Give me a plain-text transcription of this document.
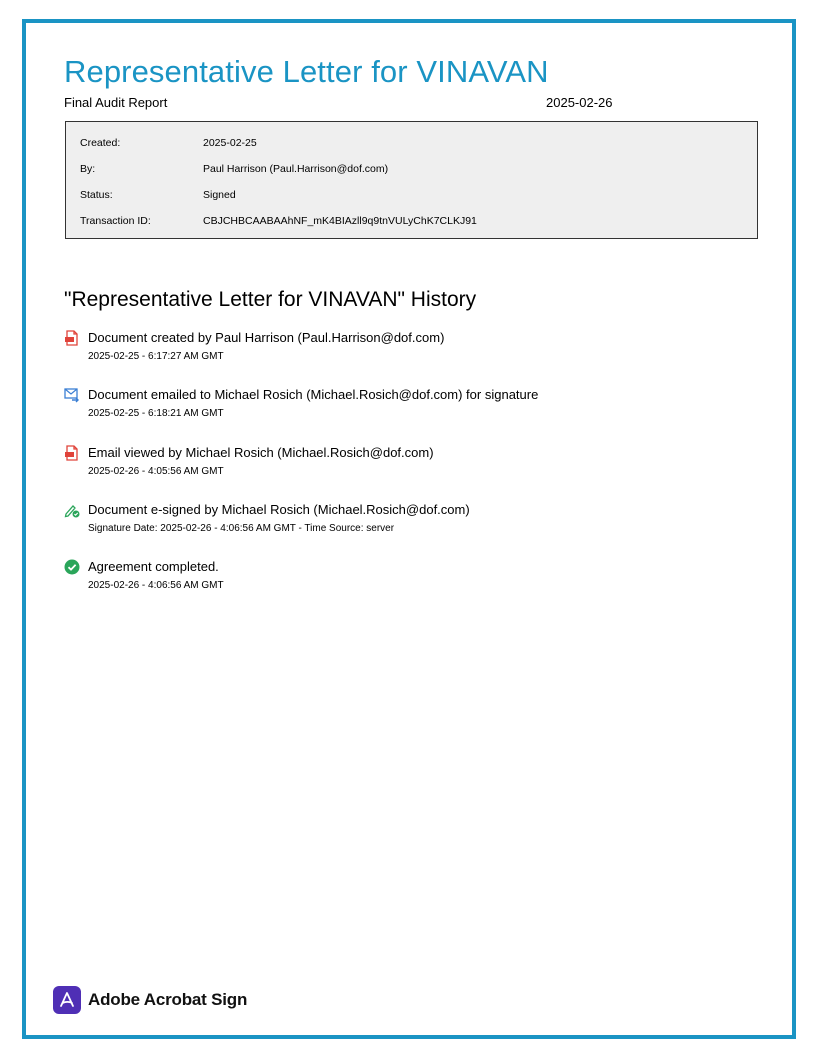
Representative Letter for VINAVAN
Final Audit Report	2025-02-26
Created:	2025-02-25
By:	Paul Harrison (Paul.Harrison@dof.com)
Status:	Signed
Transaction ID:	CBJCHBCAABAAhNF_mK4BIAzll9q9tnVULyChK7CLKJ91
"Representative Letter for VINAVAN" History
Document created by Paul Harrison (Paul.Harrison@dof.com)
2025-02-25 - 6:17:27 AM GMT
Document emailed to Michael Rosich (Michael.Rosich@dof.com) for signature
2025-02-25 - 6:18:21 AM GMT
Email viewed by Michael Rosich (Michael.Rosich@dof.com)
2025-02-26 - 4:05:56 AM GMT
Document e-signed by Michael Rosich (Michael.Rosich@dof.com)
Signature Date: 2025-02-26 - 4:06:56 AM GMT - Time Source: server
Agreement completed.
2025-02-26 - 4:06:56 AM GMT
Adobe Acrobat Sign
